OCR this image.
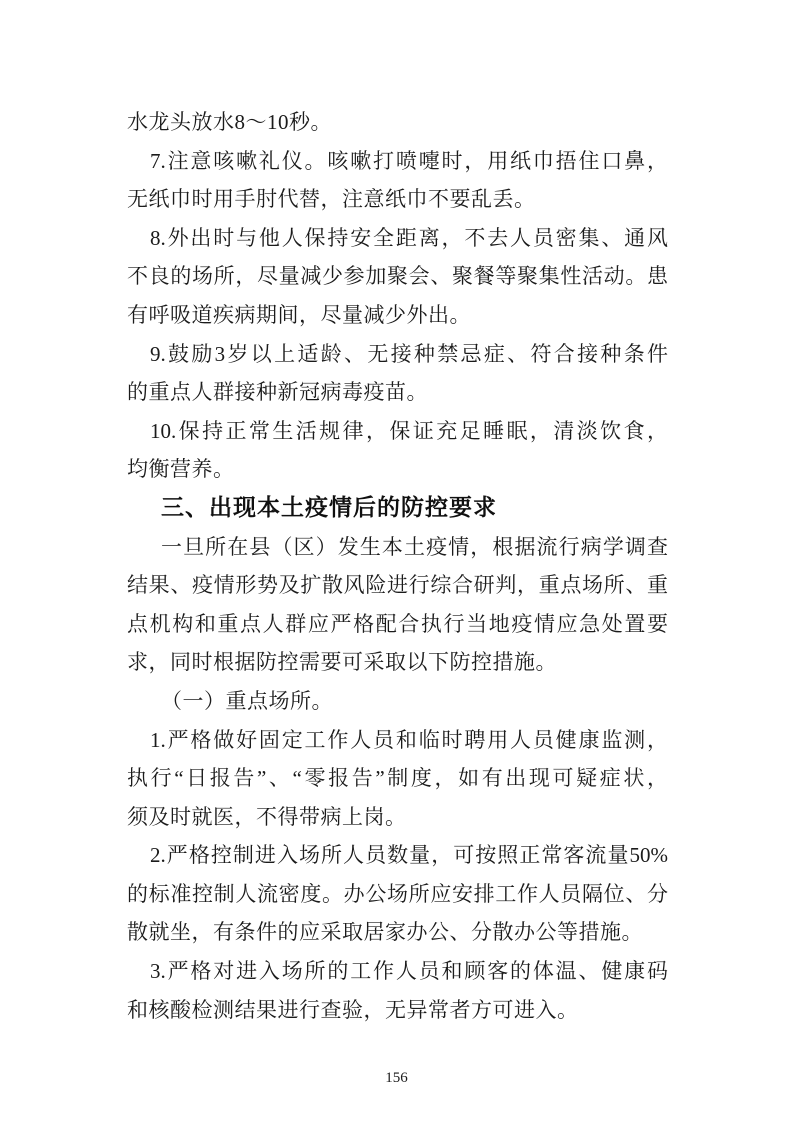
水龙头放水8～10秒。
7.注意咳嗽礼仪。咳嗽打喷嚏时，用纸巾捂住口鼻，
无纸巾时用手肘代替，注意纸巾不要乱丢。
8.外出时与他人保持安全距离，不去人员密集、通风
不良的场所，尽量减少参加聚会、聚餐等聚集性活动。患
有呼吸道疾病期间，尽量减少外出。
9.鼓励3岁以上适龄、无接种禁忌症、符合接种条件
的重点人群接种新冠病毒疫苗。
10.保持正常生活规律，保证充足睡眠，清淡饮食，
均衡营养。
三、出现本土疫情后的防控要求
一旦所在县（区）发生本土疫情，根据流行病学调查
结果、疫情形势及扩散风险进行综合研判，重点场所、重
点机构和重点人群应严格配合执行当地疫情应急处置要
求，同时根据防控需要可采取以下防控措施。
（一）重点场所。
1.严格做好固定工作人员和临时聘用人员健康监测，
执行“日报告”、“零报告”制度，如有出现可疑症状，
须及时就医，不得带病上岗。
2.严格控制进入场所人员数量，可按照正常客流量50%
的标准控制人流密度。办公场所应安排工作人员隔位、分
散就坐，有条件的应采取居家办公、分散办公等措施。
3.严格对进入场所的工作人员和顾客的体温、健康码
和核酸检测结果进行查验，无异常者方可进入。
156
